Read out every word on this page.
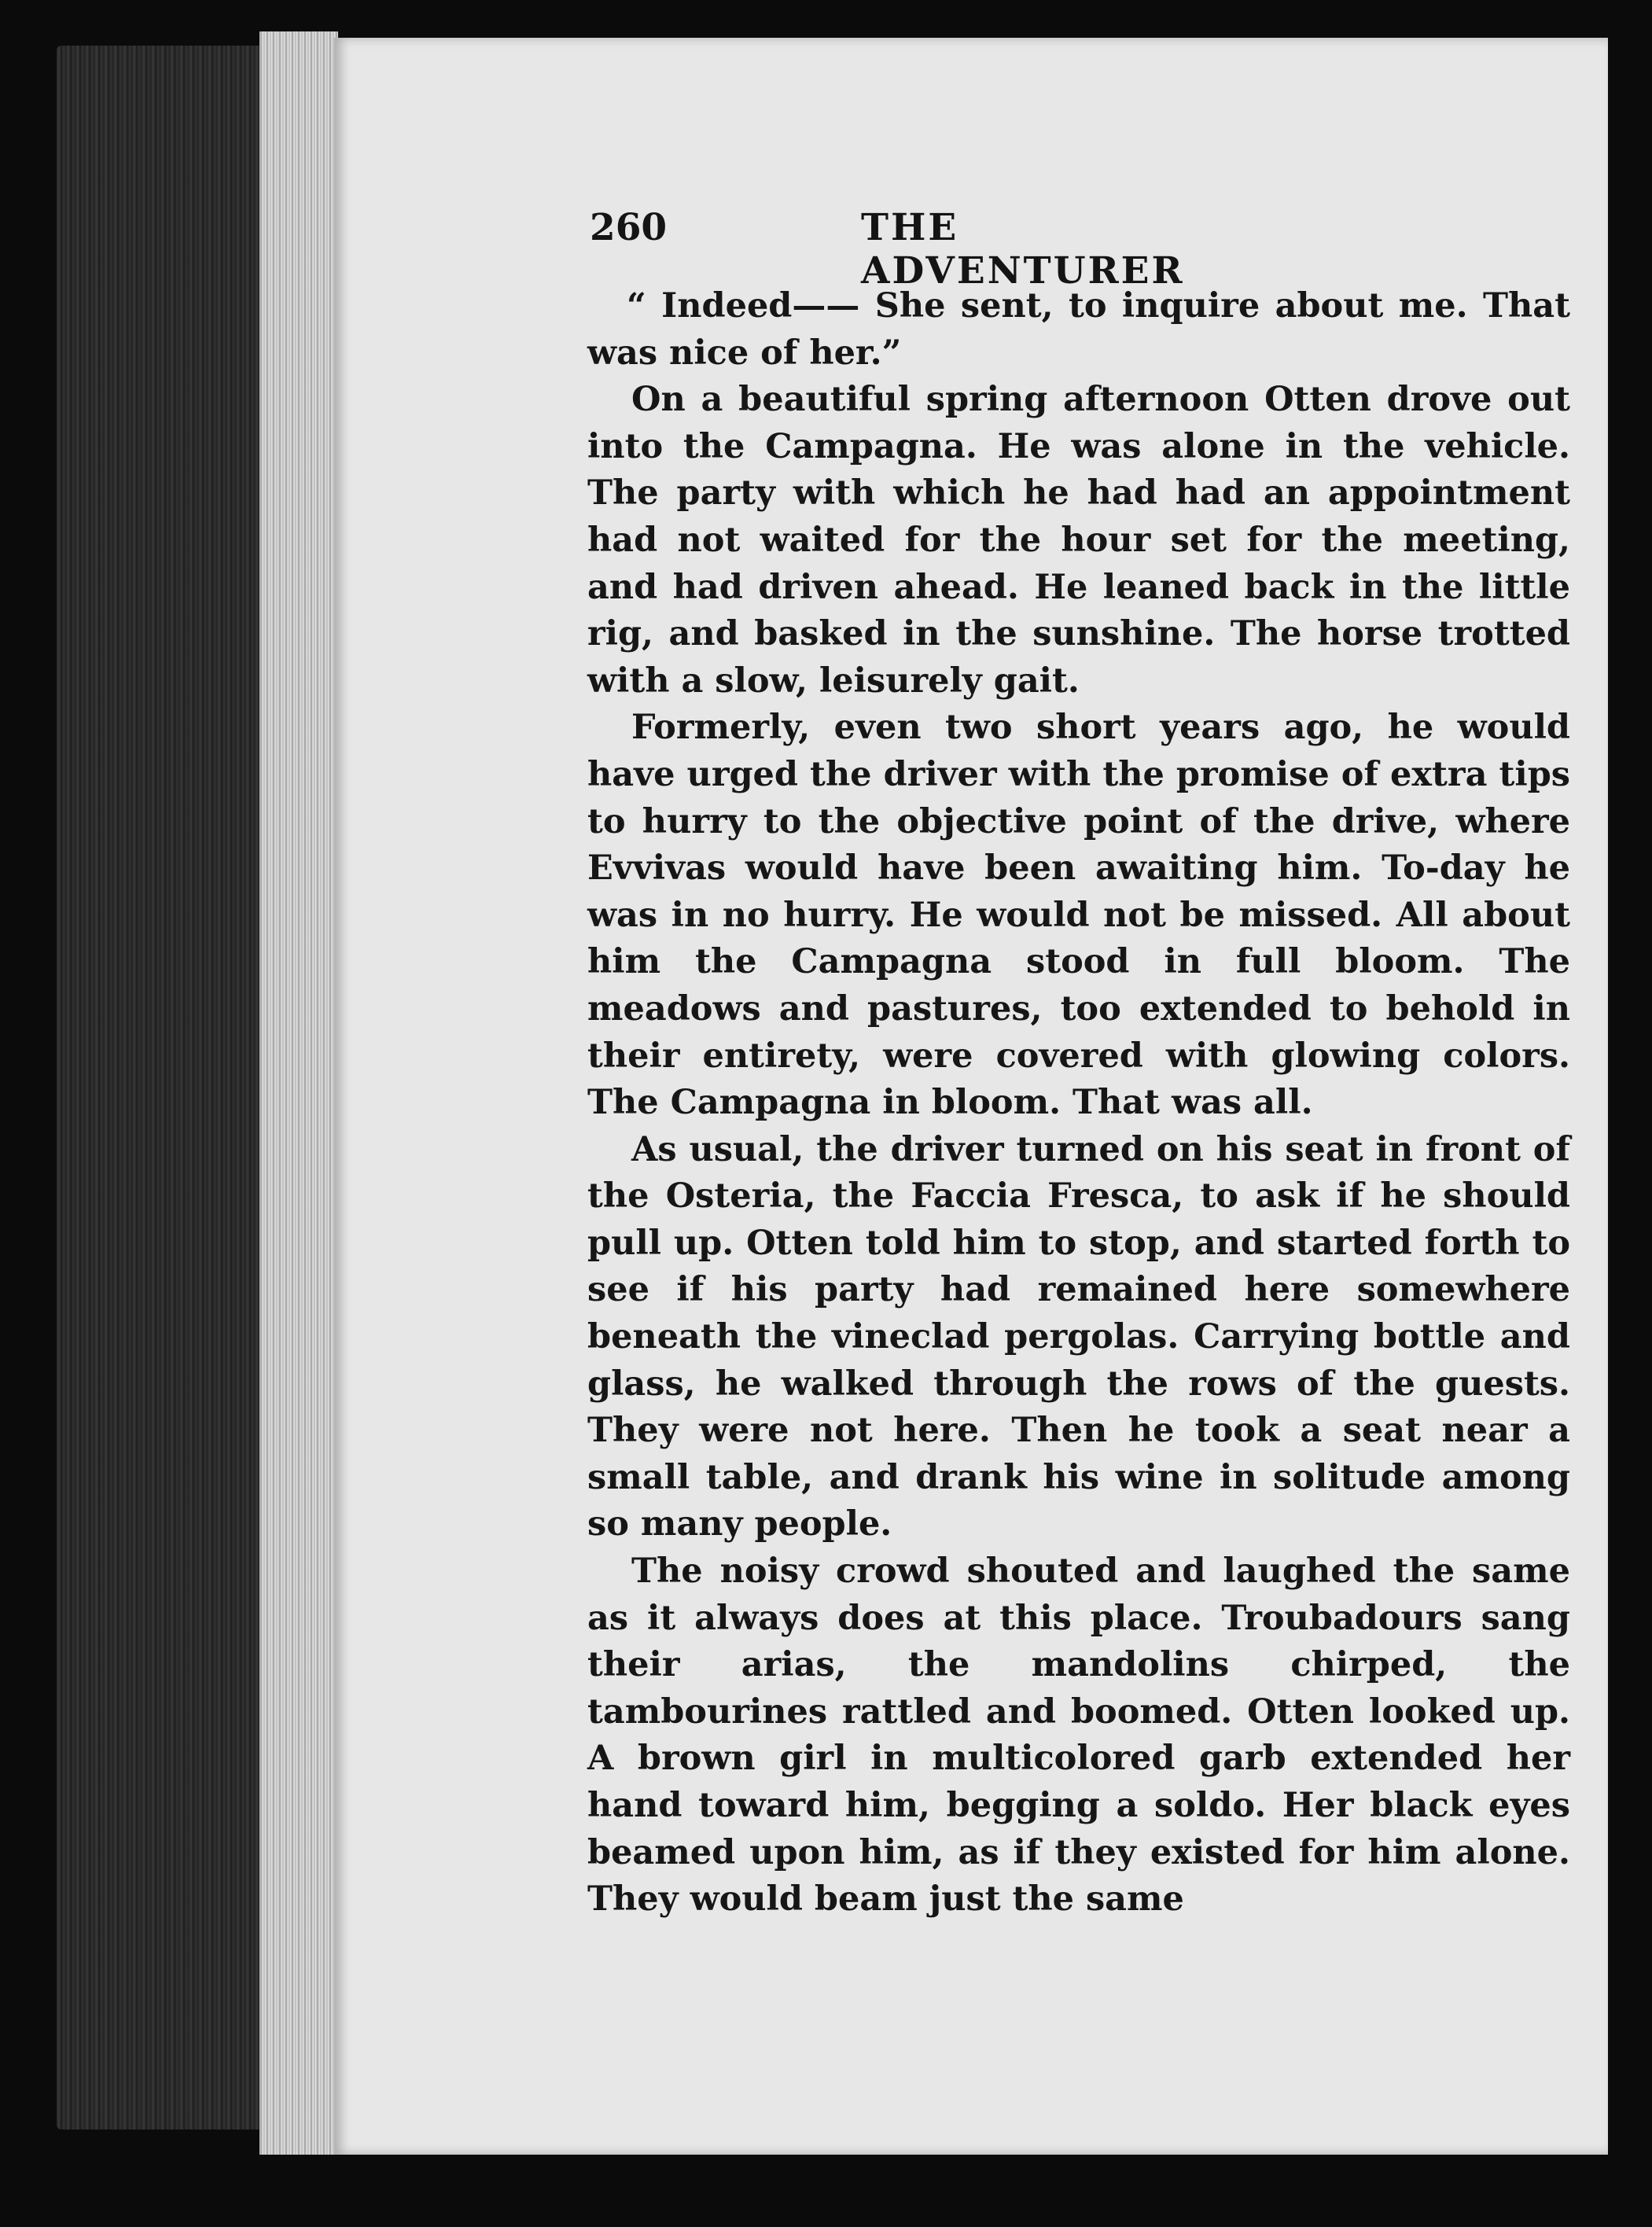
260	THE ADVENTURER

“ Indeed—— She sent, to inquire about me. That was nice of her.”

On a beautiful spring afternoon Otten drove out into the Campagna. He was alone in the vehicle. The party with which he had had an appointment had not waited for the hour set for the meeting, and had driven ahead. He leaned back in the little rig, and basked in the sunshine. The horse trotted with a slow, leisurely gait.

Formerly, even two short years ago, he would have urged the driver with the promise of extra tips to hurry to the objective point of the drive, where Evvivas would have been awaiting him. To-day he was in no hurry. He would not be missed. All about him the Campagna stood in full bloom. The meadows and pastures, too extended to behold in their entirety, were covered with glowing colors. The Campagna in bloom. That was all.

As usual, the driver turned on his seat in front of the Osteria, the Faccia Fresca, to ask if he should pull up. Otten told him to stop, and started forth to see if his party had remained here somewhere beneath the vineclad pergolas. Carrying bottle and glass, he walked through the rows of the guests. They were not here. Then he took a seat near a small table, and drank his wine in solitude among so many people.

The noisy crowd shouted and laughed the same as it always does at this place. Troubadours sang their arias, the mandolins chirped, the tambourines rattled and boomed. Otten looked up. A brown girl in multicolored garb extended her hand toward him, begging a soldo. Her black eyes beamed upon him, as if they existed for him alone. They would beam just the same
